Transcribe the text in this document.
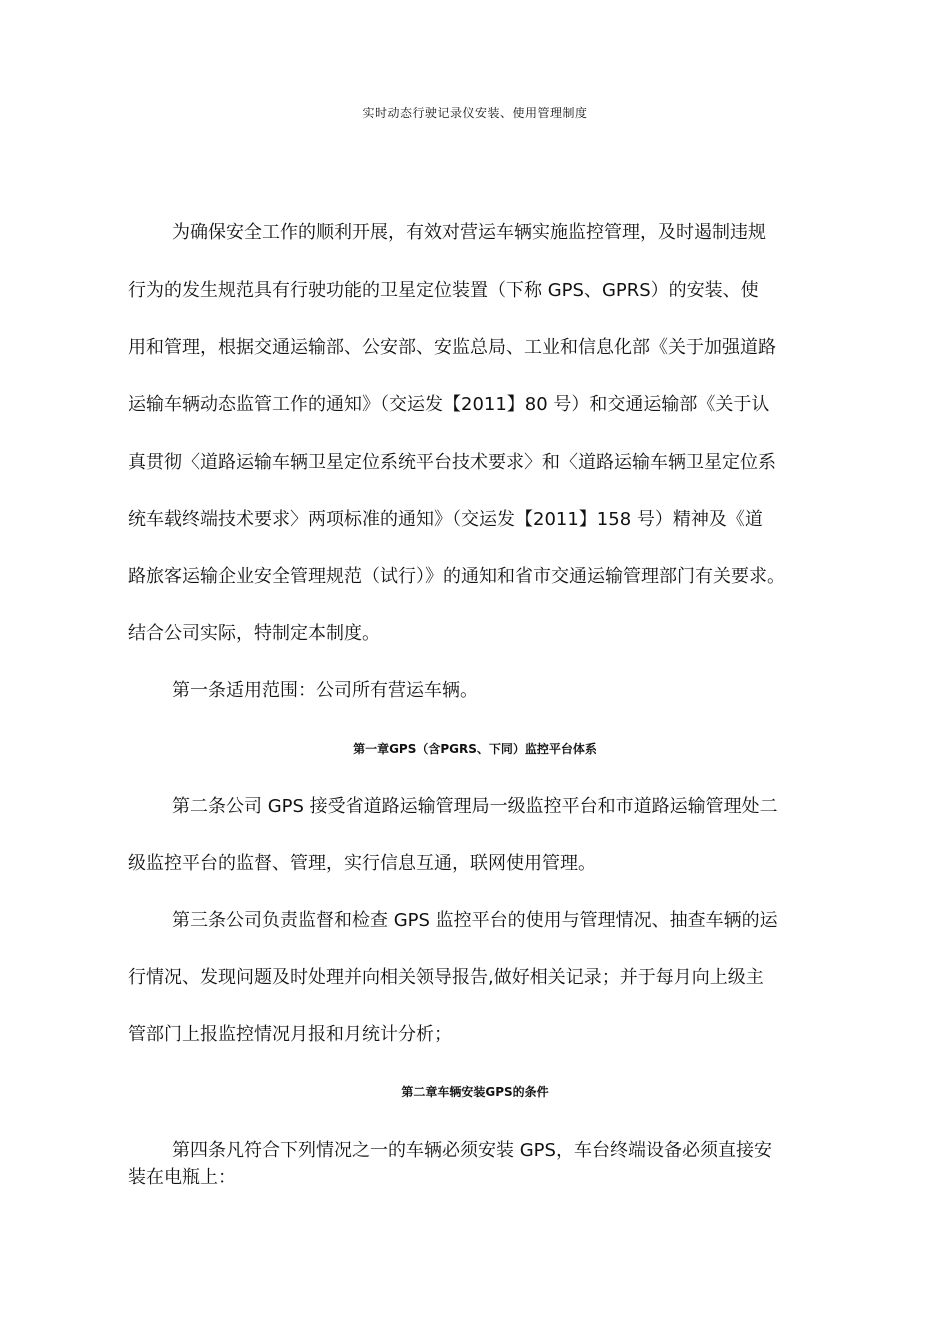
实时动态行驶记录仪安装、使用管理制度
为确保安全工作的顺利开展，有效对营运车辆实施监控管理，及时遏制违规
行为的发生规范具有行驶功能的卫星定位装置（下称 GPS、GPRS）的安装、使
用和管理，根据交通运输部、公安部、安监总局、工业和信息化部《关于加强道路
运输车辆动态监管工作的通知》（交运发【2011】80 号）和交通运输部《关于认
真贯彻〈道路运输车辆卫星定位系统平台技术要求〉和〈道路运输车辆卫星定位系
统车载终端技术要求〉两项标准的通知》（交运发【2011】158 号）精神及《道
路旅客运输企业安全管理规范（试行）》的通知和省市交通运输管理部门有关要求。
结合公司实际，特制定本制度。
第一条适用范围：公司所有营运车辆。
第一章GPS（含PGRS、下同）监控平台体系
第二条公司 GPS 接受省道路运输管理局一级监控平台和市道路运输管理处二
级监控平台的监督、管理，实行信息互通，联网使用管理。
第三条公司负责监督和检查 GPS 监控平台的使用与管理情况、抽查车辆的运
行情况、发现问题及时处理并向相关领导报告,做好相关记录；并于每月向上级主
管部门上报监控情况月报和月统计分析；
第二章车辆安装GPS的条件
第四条凡符合下列情况之一的车辆必须安装 GPS，车台终端设备必须直接安
装在电瓶上：
